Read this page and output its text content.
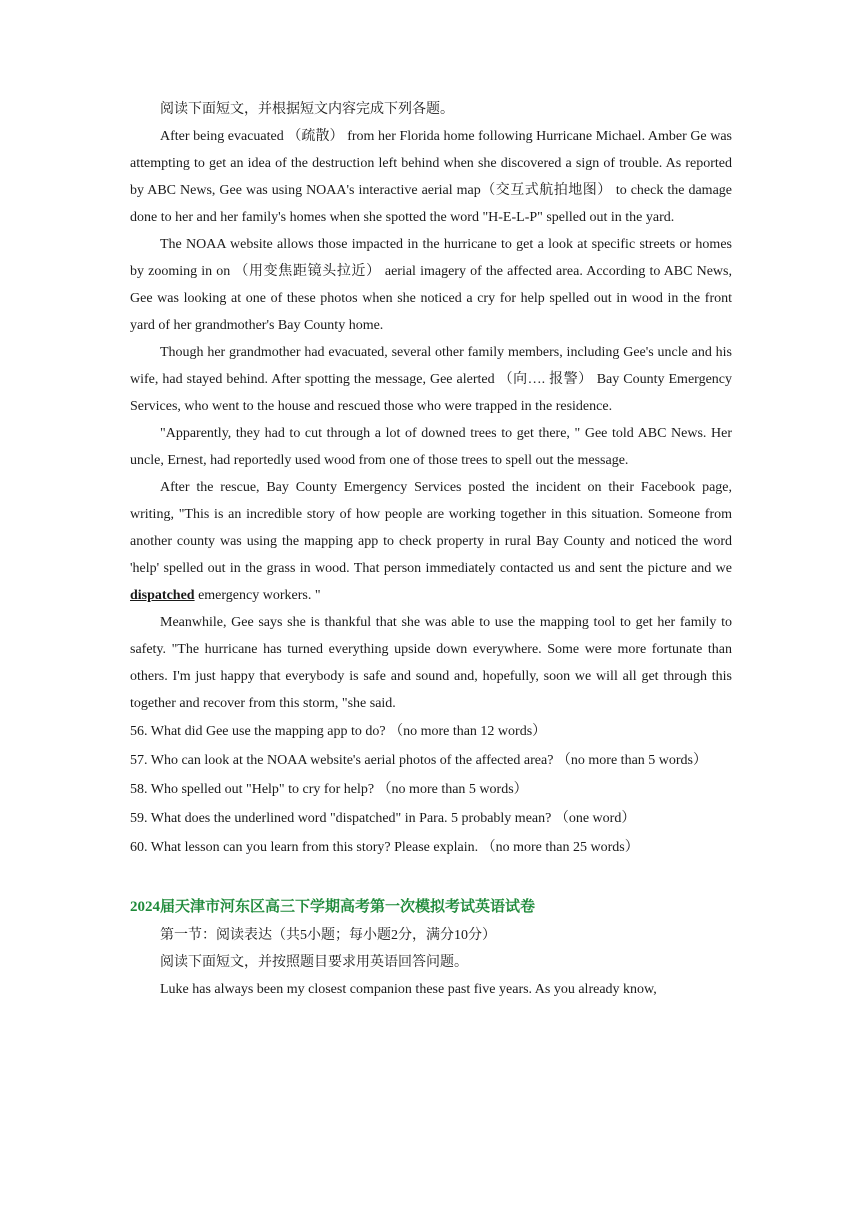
阅读下面短文，并根据短文内容完成下列各题。

After being evacuated （疏散） from her Florida home following Hurricane Michael. Amber Ge was attempting to get an idea of the destruction left behind when she discovered a sign of trouble. As reported by ABC News, Gee was using NOAA's interactive aerial map（交互式航拍地图） to check the damage done to her and her family's homes when she spotted the word "H-E-L-P" spelled out in the yard.

The NOAA website allows those impacted in the hurricane to get a look at specific streets or homes by zooming in on （用变焦距镜头拉近） aerial imagery of the affected area. According to ABC News, Gee was looking at one of these photos when she noticed a cry for help spelled out in wood in the front yard of her grandmother's Bay County home.

Though her grandmother had evacuated, several other family members, including Gee's uncle and his wife, had stayed behind. After spotting the message, Gee alerted （向…. 报警） Bay County Emergency Services, who went to the house and rescued those who were trapped in the residence.

"Apparently, they had to cut through a lot of downed trees to get there, " Gee told ABC News. Her uncle, Ernest, had reportedly used wood from one of those trees to spell out the message.

After the rescue, Bay County Emergency Services posted the incident on their Facebook page, writing, "This is an incredible story of how people are working together in this situation. Someone from another county was using the mapping app to check property in rural Bay County and noticed the word 'help' spelled out in the grass in wood. That person immediately contacted us and sent the picture and we dispatched emergency workers. "

Meanwhile, Gee says she is thankful that she was able to use the mapping tool to get her family to safety. "The hurricane has turned everything upside down everywhere. Some were more fortunate than others. I'm just happy that everybody is safe and sound and, hopefully, soon we will all get through this together and recover from this storm, "she said.

56. What did Gee use the mapping app to do? （no more than 12 words）

57. Who can look at the NOAA website's aerial photos of the affected area? （no more than 5 words）

58. Who spelled out "Help" to cry for help? （no more than 5 words）

59. What does the underlined word "dispatched" in Para. 5 probably mean? （one word）

60. What lesson can you learn from this story? Please explain. （no more than 25 words）

2024届天津市河东区高三下学期高考第一次模拟考试英语试卷

第一节：阅读表达（共5小题；每小题2分，满分10分）

阅读下面短文，并按照题目要求用英语回答问题。

Luke has always been my closest companion these past five years. As you already know,
